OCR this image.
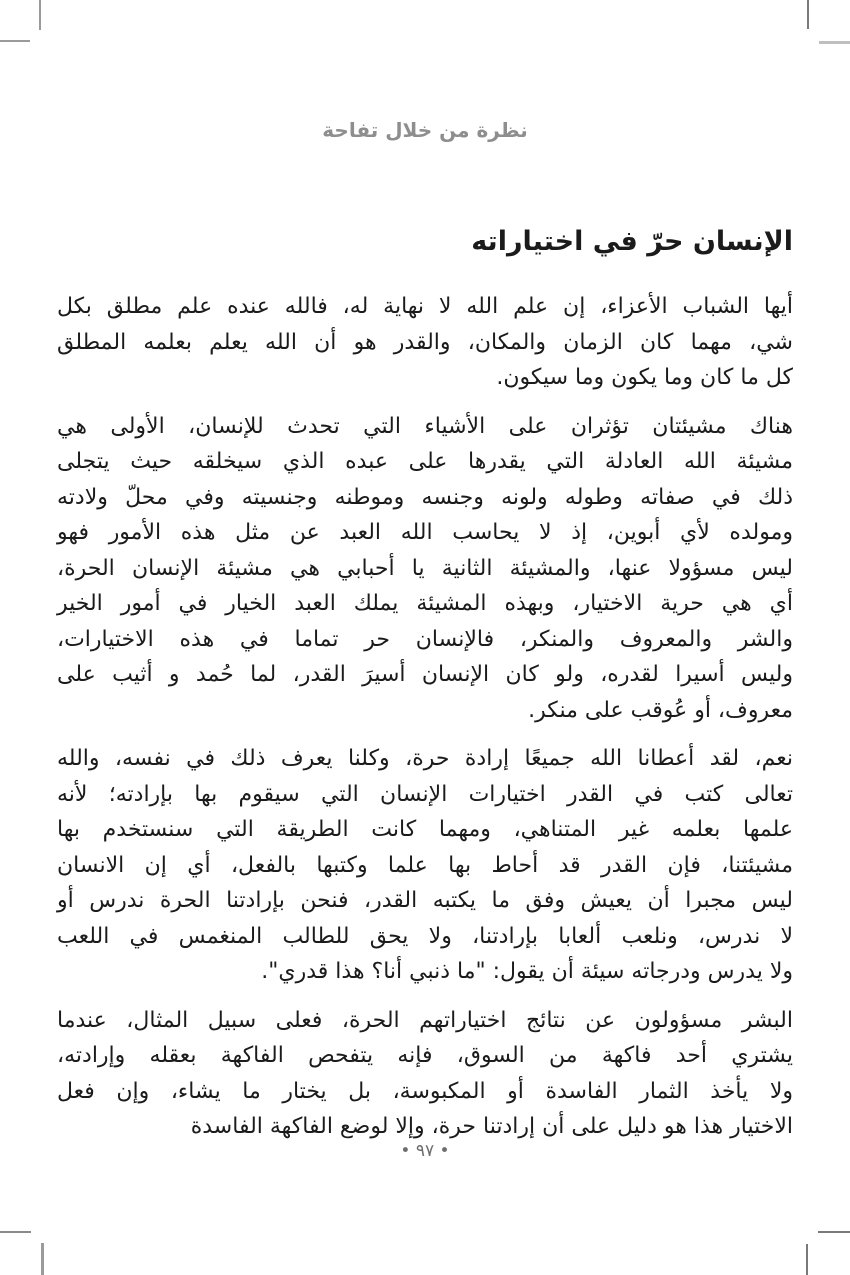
نظرة من خلال تفاحة
الإنسان حرّ في اختياراته
أيها الشباب الأعزاء، إن علم الله لا نهاية له، فالله عنده علم مطلق بكل
شي، مهما كان الزمان والمكان، والقدر هو أن الله يعلم بعلمه المطلق
كل ما كان وما يكون وما سيكون.
هناك مشيئتان تؤثران على الأشياء التي تحدث للإنسان، الأولى هي
مشيئة الله العادلة التي يقدرها على عبده الذي سيخلقه حيث يتجلى
ذلك في صفاته وطوله ولونه وجنسه وموطنه وجنسيته وفي محلّ ولادته
ومولده لأي أبوين، إذ لا يحاسب الله العبد عن مثل هذه الأمور فهو
ليس مسؤولا عنها، والمشيئة الثانية يا أحبابي هي مشيئة الإنسان الحرة،
أي هي حرية الاختيار، وبهذه المشيئة يملك العبد الخيار في أمور الخير
والشر والمعروف والمنكر، فالإنسان حر تماما في هذه الاختيارات،
وليس أسيرا لقدره، ولو كان الإنسان أسيرَ القدر، لما حُمد و أثيب على
معروف، أو عُوقب على منكر.
نعم، لقد أعطانا الله جميعًا إرادة حرة، وكلنا يعرف ذلك في نفسه، والله
تعالى كتب في القدر اختيارات الإنسان التي سيقوم بها بإرادته؛ لأنه
علمها بعلمه غير المتناهي، ومهما كانت الطريقة التي سنستخدم بها
مشيئتنا، فإن القدر قد أحاط بها علما وكتبها بالفعل، أي إن الانسان
ليس مجبرا أن يعيش وفق ما يكتبه القدر، فنحن بإرادتنا الحرة ندرس أو
لا ندرس، ونلعب ألعابا بإرادتنا، ولا يحق للطالب المنغمس في اللعب
ولا يدرس ودرجاته سيئة أن يقول: "ما ذنبي أنا؟ هذا قدري".
البشر مسؤولون عن نتائج اختياراتهم الحرة، فعلى سبيل المثال، عندما
يشتري أحد فاكهة من السوق، فإنه يتفحص الفاكهة بعقله وإرادته،
ولا يأخذ الثمار الفاسدة أو المكبوسة، بل يختار ما يشاء، وإن فعل
الاختيار هذا هو دليل على أن إرادتنا حرة، وإلا لوضع الفاكهة الفاسدة
• ٩٧ •
